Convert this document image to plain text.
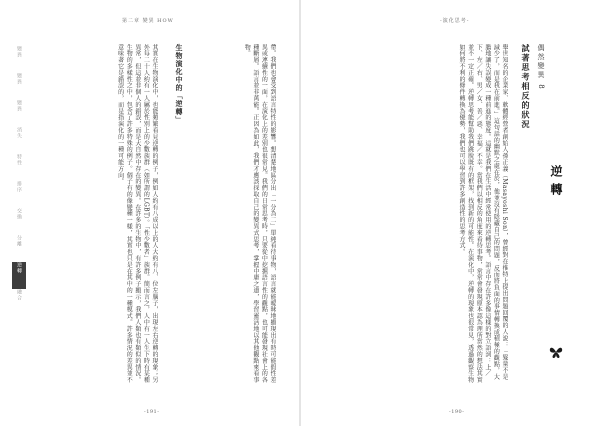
第二章 變異 HOW	-演化思考-
變異
變異
變異
消失
特性
排序
交換
分離
逆轉
融合	帶。我們也會受到語言特性的影響。想清楚地區分出「一分為二」單純看待事物，語言就能曖昧地顯現出有時可能假性差異或連續性的一面，在演化上的差別也很常見。我們的日常思考時，只要從中挖掘語言性的觀點，也可能發現社會上的各種斷層。語言並非萬能。正因為如此，我們才應該採取自己的變異式思考，掌握中庸之道，學習靈活地以其他觀點來看事物。
生物演化中的「逆轉」
其實在生物演化中，也能頻繁看見逆轉的例子，例如人約有八成以上的人大約有八、位左腦子，出現左右逆轉的現象；另外每二十人約有一人屬於性別上的少數族群（如所謂的LGBT）。「性少數者」族群。簡而言之，人中有一人生下時有某種異常，但這並非個人的錯誤，而是大自然中存在的變異。在許多的生物中，有許多例子顯示，我們人類也有類似的情況。生物的多樣性之中，包含了許多特殊的例子。個子有的像變種一樣，其實也只是在其中的一種模式。許多情況的差異並不意味著它是錯誤的，而是指演化的一種可能方向。	舉世知名的企業家、軟體經營者創始人孫正義（Masayoshi Son），曾經對在推特上提出問題回覆的人說：「髮量不是減少了，而是我在前進。」這句話的幽默之處在於，他並沒有隱藏自己的問題，反而將負面的事情轉換成積極的觀點，大膽地讓失誤變成一種前進的態度。這就是我們在生活中經常使用的逆轉思考。語言中存在許多像這樣的對立語詞：上／下、左／右、男／女、善／惡、幸福／不幸。當我們以相反的角度來看待事物，常常會發現原本認為理所當然的想法其實並不一定正確。逆轉思考能幫助我們跳脫既有的框架，找到新的可能性。在演化中，逆轉的現象也很常見，透過觀察生物如何將不利的條件轉換為優勢，我們也可以學習到許多創造性的思考方式。	試著思考相反的狀況 偶然變異 8
逆轉
-191-	-190-
